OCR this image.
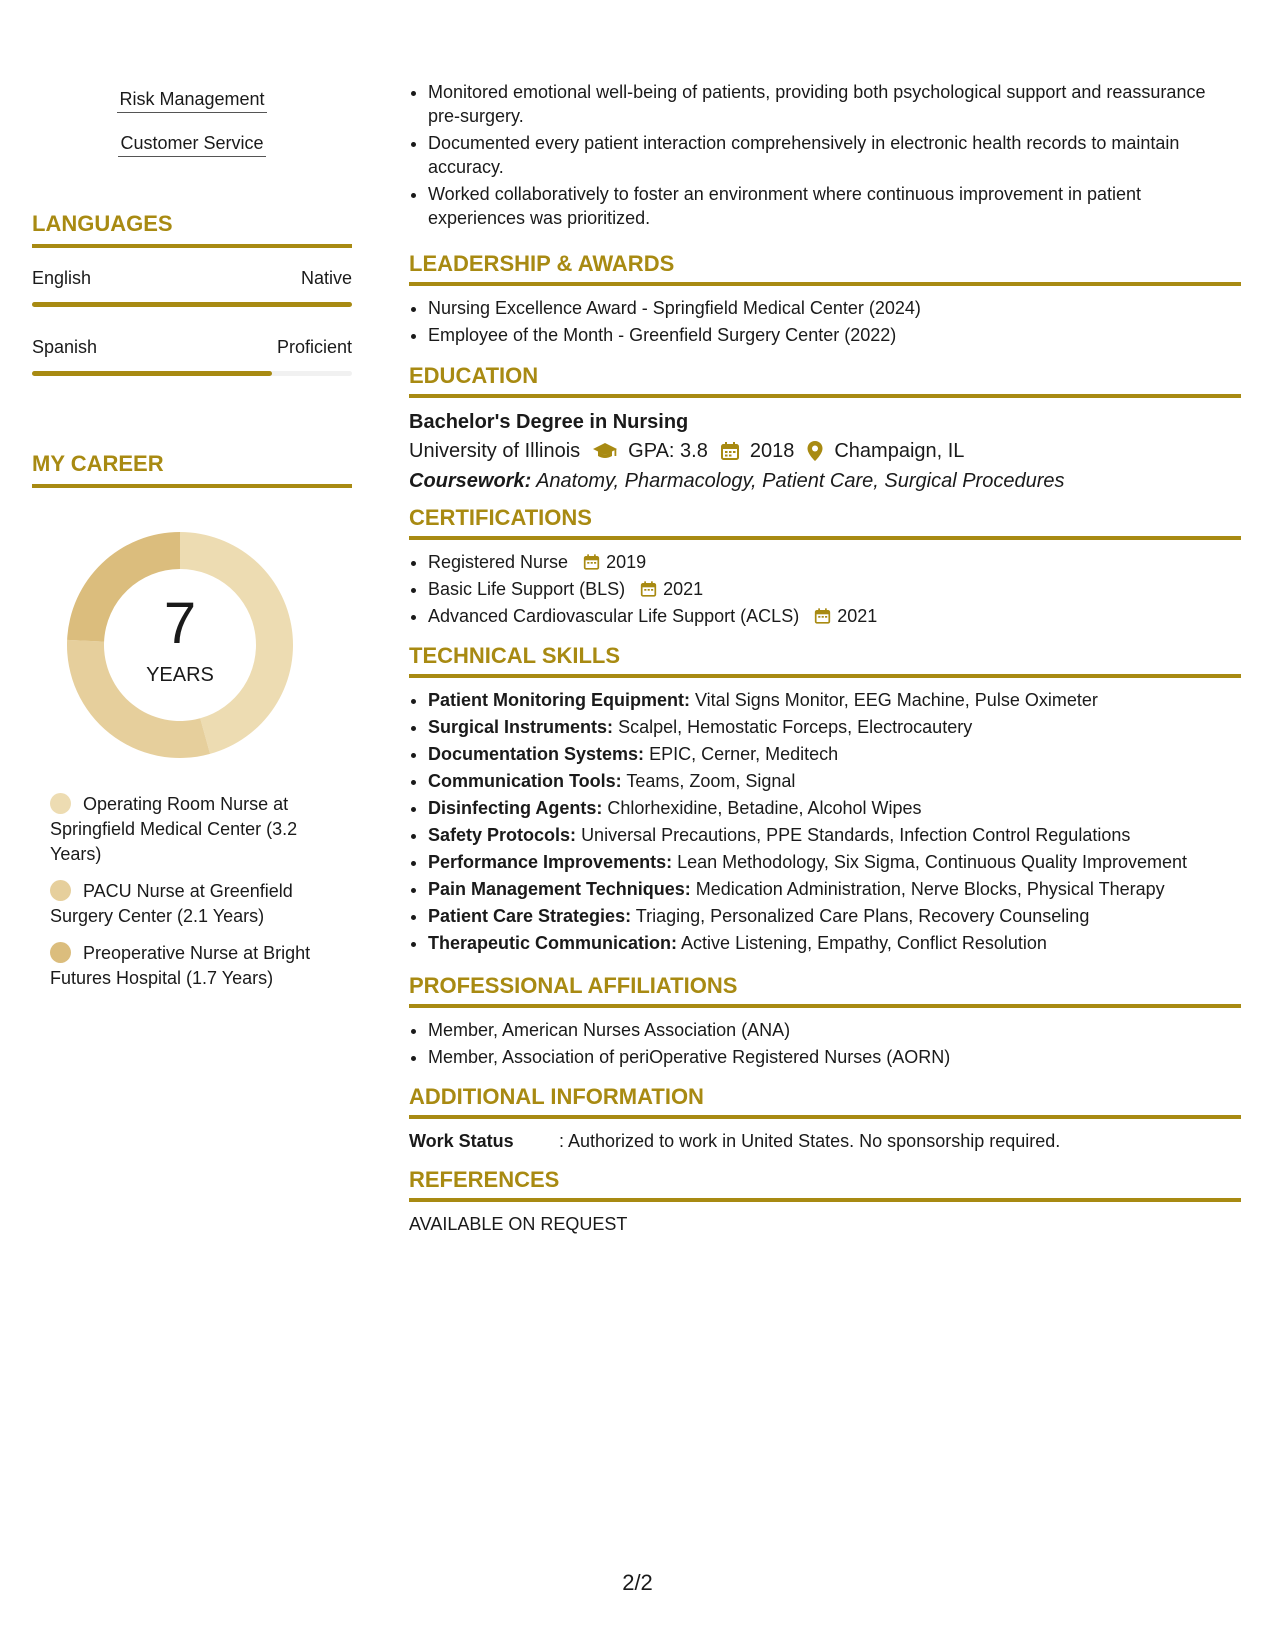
Risk Management
Customer Service
LANGUAGES
English	Native
Spanish	Proficient
MY CAREER
7
YEARS
Operating Room Nurse at Springfield Medical Center (3.2 Years)
PACU Nurse at Greenfield Surgery Center (2.1 Years)
Preoperative Nurse at Bright Futures Hospital (1.7 Years)
• Monitored emotional well-being of patients, providing both psychological support and reassurance pre-surgery.
• Documented every patient interaction comprehensively in electronic health records to maintain accuracy.
• Worked collaboratively to foster an environment where continuous improvement in patient experiences was prioritized.
LEADERSHIP & AWARDS
• Nursing Excellence Award - Springfield Medical Center (2024)
• Employee of the Month - Greenfield Surgery Center (2022)
EDUCATION
Bachelor's Degree in Nursing
University of Illinois GPA: 3.8 2018 Champaign, IL
Coursework: Anatomy, Pharmacology, Patient Care, Surgical Procedures
CERTIFICATIONS
• Registered Nurse 2019
• Basic Life Support (BLS) 2021
• Advanced Cardiovascular Life Support (ACLS) 2021
TECHNICAL SKILLS
• Patient Monitoring Equipment: Vital Signs Monitor, EEG Machine, Pulse Oximeter
• Surgical Instruments: Scalpel, Hemostatic Forceps, Electrocautery
• Documentation Systems: EPIC, Cerner, Meditech
• Communication Tools: Teams, Zoom, Signal
• Disinfecting Agents: Chlorhexidine, Betadine, Alcohol Wipes
• Safety Protocols: Universal Precautions, PPE Standards, Infection Control Regulations
• Performance Improvements: Lean Methodology, Six Sigma, Continuous Quality Improvement
• Pain Management Techniques: Medication Administration, Nerve Blocks, Physical Therapy
• Patient Care Strategies: Triaging, Personalized Care Plans, Recovery Counseling
• Therapeutic Communication: Active Listening, Empathy, Conflict Resolution
PROFESSIONAL AFFILIATIONS
• Member, American Nurses Association (ANA)
• Member, Association of periOperative Registered Nurses (AORN)
ADDITIONAL INFORMATION
Work Status	: Authorized to work in United States. No sponsorship required.
REFERENCES
AVAILABLE ON REQUEST
2/2
